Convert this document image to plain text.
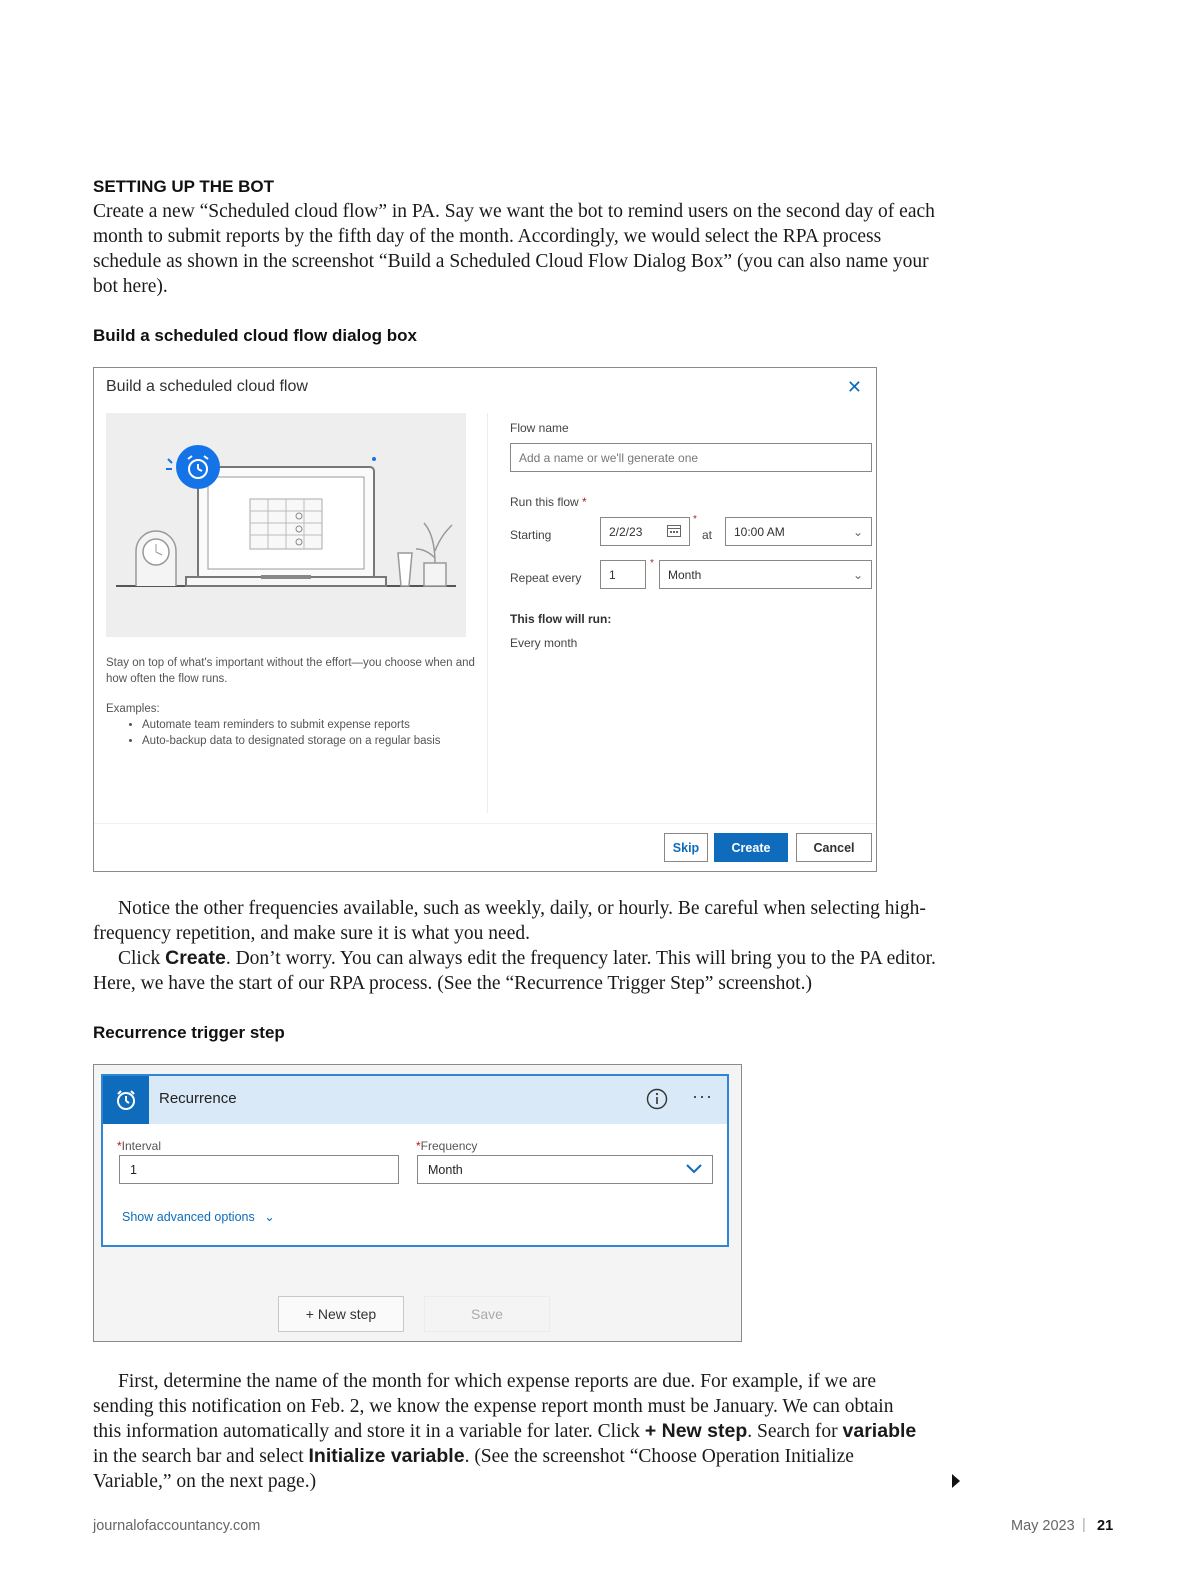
SETTING UP THE BOT

Create a new “Scheduled cloud flow” in PA. Say we want the bot to remind users on the second day of each month to submit reports by the fifth day of the month. Accordingly, we would select the RPA process schedule as shown in the screenshot “Build a Scheduled Cloud Flow Dialog Box” (you can also name your bot here).

Build a scheduled cloud flow dialog box
Build a scheduled cloud flow	✕
Stay on top of what's important without the effort—you choose when and how often the flow runs.
Examples:
• Automate team reminders to submit expense reports
• Auto-backup data to designated storage on a regular basis
Flow name
Add a name or we'll generate one
Run this flow *
Starting	2/2/23
*
at 10:00 AM	⌄
Repeat every 1
*
Month	⌄
This flow will run:
Every month
Skip	Create	Cancel

Notice the other frequencies available, such as weekly, daily, or hourly. Be careful when selecting high-frequency repetition, and make sure it is what you need.

Click Create. Don’t worry. You can always edit the frequency later. This will bring you to the PA editor. Here, we have the start of our RPA process. (See the “Recurrence Trigger Step” screenshot.)

Recurrence trigger step
Recurrence	···
*Interval
1
*Frequency
Month
Show advanced options ⌄
+ New step	Save

First, determine the name of the month for which expense reports are due. For example, if we are sending this notification on Feb. 2, we know the expense report month must be January. We can obtain this information automatically and store it in a variable for later. Click + New step. Search for variable in the search bar and select Initialize variable. (See the screenshot “Choose Operation Initialize Variable,” on the next page.)

journalofaccountancy.com	May 2023 | 21
